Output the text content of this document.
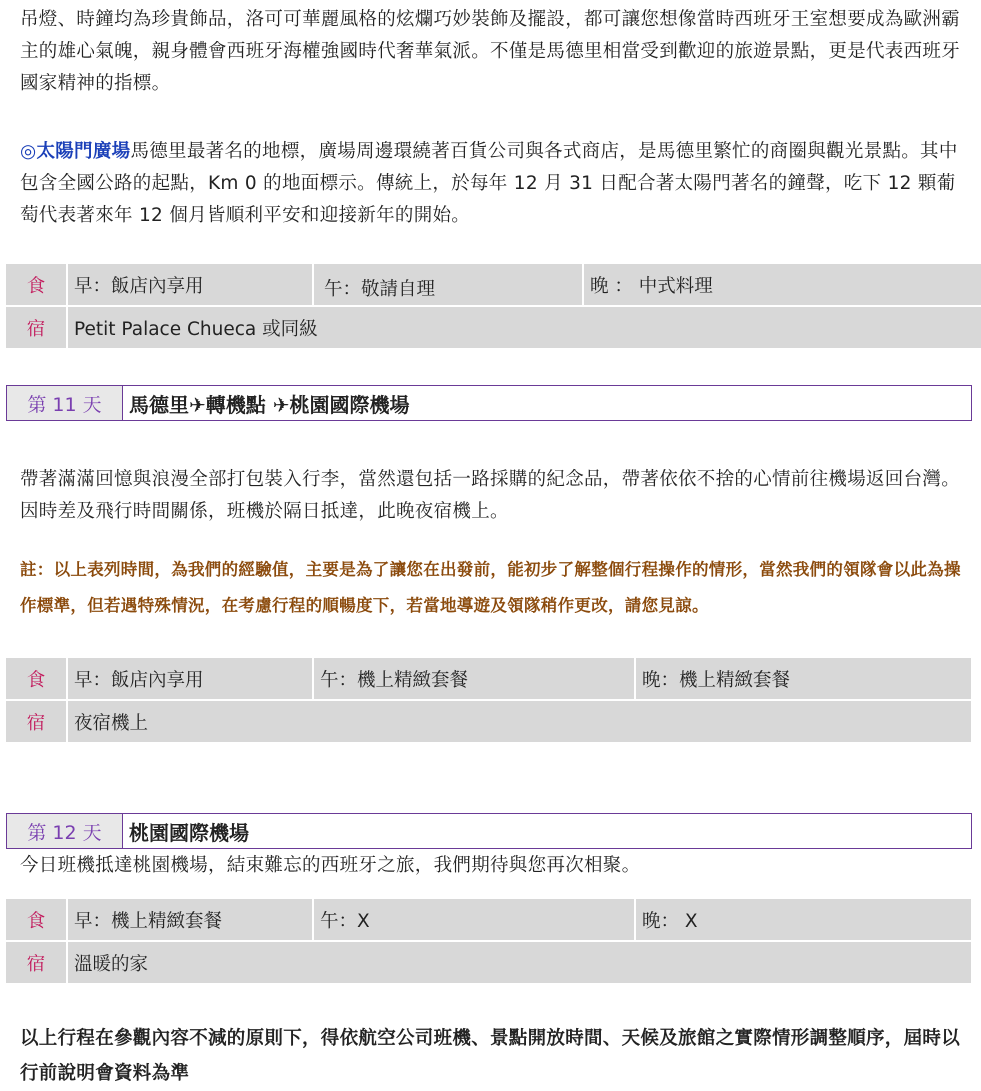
吊燈、時鐘均為珍貴飾品，洛可可華麗風格的炫爛巧妙裝飾及擺設，都可讓您想像當時西班牙王室想要成為歐洲霸主的雄心氣魄，親身體會西班牙海權強國時代奢華氣派。不僅是馬德里相當受到歡迎的旅遊景點，更是代表西班牙國家精神的指標。

◎太陽門廣場馬德里最著名的地標，廣場周邊環繞著百貨公司與各式商店，是馬德里繁忙的商圈與觀光景點。其中包含全國公路的起點，Km 0 的地面標示。傳統上，於每年 12 月 31 日配合著太陽門著名的鐘聲，吃下 12 顆葡萄代表著來年 12 個月皆順利平安和迎接新年的開始。

食	早：飯店內享用	午：敬請自理	晚 ： 中式料理
宿	Petit Palace Chueca 或同級		
第 11 天	馬德里✈轉機點 ✈桃園國際機場

帶著滿滿回憶與浪漫全部打包裝入行李，當然還包括一路採購的紀念品，帶著依依不捨的心情前往機場返回台灣。因時差及飛行時間關係，班機於隔日抵達，此晚夜宿機上。

註：以上表列時間，為我們的經驗值，主要是為了讓您在出發前，能初步了解整個行程操作的情形，當然我們的領隊會以此為操作標準，但若遇特殊情況，在考慮行程的順暢度下，若當地導遊及領隊稍作更改，請您見諒。

食	早：飯店內享用	午：機上精緻套餐	晚：機上精緻套餐
宿	夜宿機上		
第 12 天	桃園國際機場

今日班機抵達桃園機場，結束難忘的西班牙之旅，我們期待與您再次相聚。

食	早：機上精緻套餐	午：X	晚： X
宿	溫暖的家		

以上行程在參觀內容不減的原則下，得依航空公司班機、景點開放時間、天候及旅館之實際情形調整順序，屆時以行前說明會資料為準
